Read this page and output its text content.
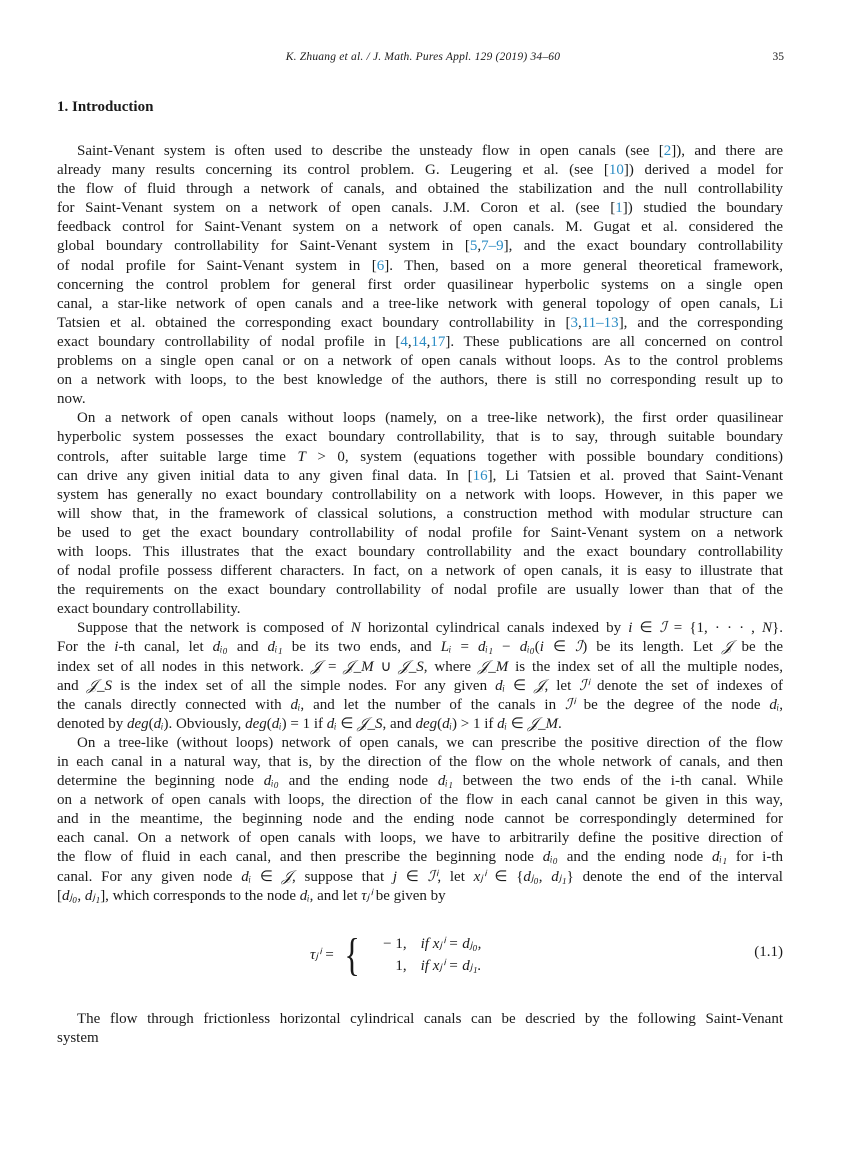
K. Zhuang et al. / J. Math. Pures Appl. 129 (2019) 34–60	35
1. Introduction
Saint-Venant system is often used to describe the unsteady flow in open canals (see [2]), and there are
already many results concerning its control problem. G. Leugering et al. (see [10]) derived a model for
the flow of fluid through a network of canals, and obtained the stabilization and the null controllability
for Saint-Venant system on a network of open canals. J.M. Coron et al. (see [1]) studied the boundary
feedback control for Saint-Venant system on a network of open canals. M. Gugat et al. considered the
global boundary controllability for Saint-Venant system in [5,7–9], and the exact boundary controllability
of nodal profile for Saint-Venant system in [6]. Then, based on a more general theoretical framework,
concerning the control problem for general first order quasilinear hyperbolic systems on a single open
canal, a star-like network of open canals and a tree-like network with general topology of open canals, Li
Tatsien et al. obtained the corresponding exact boundary controllability in [3,11–13], and the corresponding
exact boundary controllability of nodal profile in [4,14,17]. These publications are all concerned on control
problems on a single open canal or on a network of open canals without loops. As to the control problems
on a network with loops, to the best knowledge of the authors, there is still no corresponding result up to
now.
On a network of open canals without loops (namely, on a tree-like network), the first order quasilinear
hyperbolic system possesses the exact boundary controllability, that is to say, through suitable boundary
controls, after suitable large time T > 0, system (equations together with possible boundary conditions)
can drive any given initial data to any given final data. In [16], Li Tatsien et al. proved that Saint-Venant
system has generally no exact boundary controllability on a network with loops. However, in this paper we
will show that, in the framework of classical solutions, a construction method with modular structure can
be used to get the exact boundary controllability of nodal profile for Saint-Venant system on a network
with loops. This illustrates that the exact boundary controllability and the exact boundary controllability
of nodal profile possess different characters. In fact, on a network of open canals, it is easy to illustrate that
the requirements on the exact boundary controllability of nodal profile are usually lower than that of the
exact boundary controllability.
Suppose that the network is composed of N horizontal cylindrical canals indexed by i ∈ ℐ = {1, · · · , N}.
For the i-th canal, let dᵢ₀ and dᵢ₁ be its two ends, and Lᵢ = dᵢ₁ − dᵢ₀(i ∈ ℐ) be its length. Let 𝒥 be the
index set of all nodes in this network. 𝒥 = 𝒥_M ∪ 𝒥_S, where 𝒥_M is the index set of all the multiple nodes,
and 𝒥_S is the index set of all the simple nodes. For any given dᵢ ∈ 𝒥, let ℐⁱ denote the set of indexes of
the canals directly connected with dᵢ, and let the number of the canals in ℐⁱ be the degree of the node dᵢ,
denoted by deg(dᵢ). Obviously, deg(dᵢ) = 1 if dᵢ ∈ 𝒥_S, and deg(dᵢ) > 1 if dᵢ ∈ 𝒥_M.
On a tree-like (without loops) network of open canals, we can prescribe the positive direction of the flow
in each canal in a natural way, that is, by the direction of the flow on the whole network of canals, and then
determine the beginning node dᵢ₀ and the ending node dᵢ₁ between the two ends of the i-th canal. While
on a network of open canals with loops, the direction of the flow in each canal cannot be given in this way,
and in the meantime, the beginning node and the ending node cannot be correspondingly determined for
each canal. On a network of open canals with loops, we have to arbitrarily define the positive direction of
the flow of fluid in each canal, and then prescribe the beginning node dᵢ₀ and the ending node dᵢ₁ for i-th
canal. For any given node dᵢ ∈ 𝒥, suppose that j ∈ ℐⁱ, let xⱼⁱ ∈ {dⱼ₀, dⱼ₁} denote the end of the interval
[dⱼ₀, dⱼ₁], which corresponds to the node dᵢ, and let τⱼⁱ be given by
τⱼⁱ = {	− 1, if xⱼⁱ = dⱼ₀,
1, if xⱼⁱ = dⱼ₁.
(1.1)
The flow through frictionless horizontal cylindrical canals can be descried by the following Saint-Venant
system
